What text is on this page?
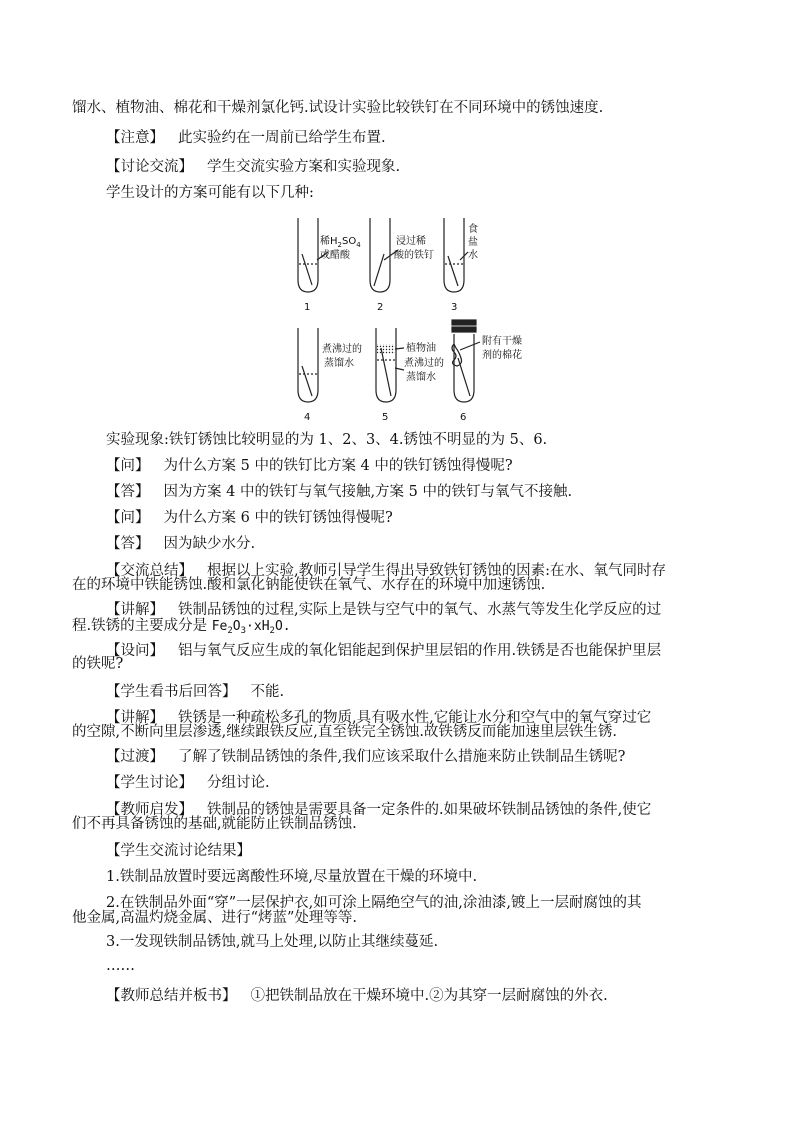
馏水、植物油、棉花和干燥剂氯化钙.试设计实验比较铁钉在不同环境中的锈蚀速度.
【注意】 此实验约在一周前已给学生布置.
【讨论交流】 学生交流实验方案和实验现象.
学生设计的方案可能有以下几种:
稀$H_2SO_4$
或醋酸
浸过稀
酸的铁钉
食
盐
水
煮沸过的
蒸馏水
植物油
煮沸过的
蒸馏水
附有干燥
剂的棉花
1	2	3
4	5	6
实验现象:铁钉锈蚀比较明显的为 1、2、3、4.锈蚀不明显的为 5、6.
【问】 为什么方案 5 中的铁钉比方案 4 中的铁钉锈蚀得慢呢?
【答】 因为方案 4 中的铁钉与氧气接触,方案 5 中的铁钉与氧气不接触.
【问】 为什么方案 6 中的铁钉锈蚀得慢呢?
【答】 因为缺少水分.
【交流总结】 根据以上实验,教师引导学生得出导致铁钉锈蚀的因素:在水、氧气同时存
在的环境中铁能锈蚀.酸和氯化钠能使铁在氧气、水存在的环境中加速锈蚀.
【讲解】 铁制品锈蚀的过程,实际上是铁与空气中的氧气、水蒸气等发生化学反应的过
程.铁锈的主要成分是 $Fe_2O_3\cdot xH_2O$.
【设问】 铝与氧气反应生成的氧化铝能起到保护里层铝的作用.铁锈是否也能保护里层
的铁呢?
【学生看书后回答】 不能.
【讲解】 铁锈是一种疏松多孔的物质,具有吸水性,它能让水分和空气中的氧气穿过它
的空隙,不断向里层渗透,继续跟铁反应,直至铁完全锈蚀.故铁锈反而能加速里层铁生锈.
【过渡】 了解了铁制品锈蚀的条件,我们应该采取什么措施来防止铁制品生锈呢?
【学生讨论】 分组讨论.
【教师启发】 铁制品的锈蚀是需要具备一定条件的.如果破坏铁制品锈蚀的条件,使它
们不再具备锈蚀的基础,就能防止铁制品锈蚀.
【学生交流讨论结果】
1.铁制品放置时要远离酸性环境,尽量放置在干燥的环境中.
2.在铁制品外面“穿”一层保护衣,如可涂上隔绝空气的油,涂油漆,镀上一层耐腐蚀的其
他金属,高温灼烧金属、进行“烤蓝”处理等等.
3.一发现铁制品锈蚀,就马上处理,以防止其继续蔓延.
……
【教师总结并板书】 ①把铁制品放在干燥环境中.②为其穿一层耐腐蚀的外衣.
